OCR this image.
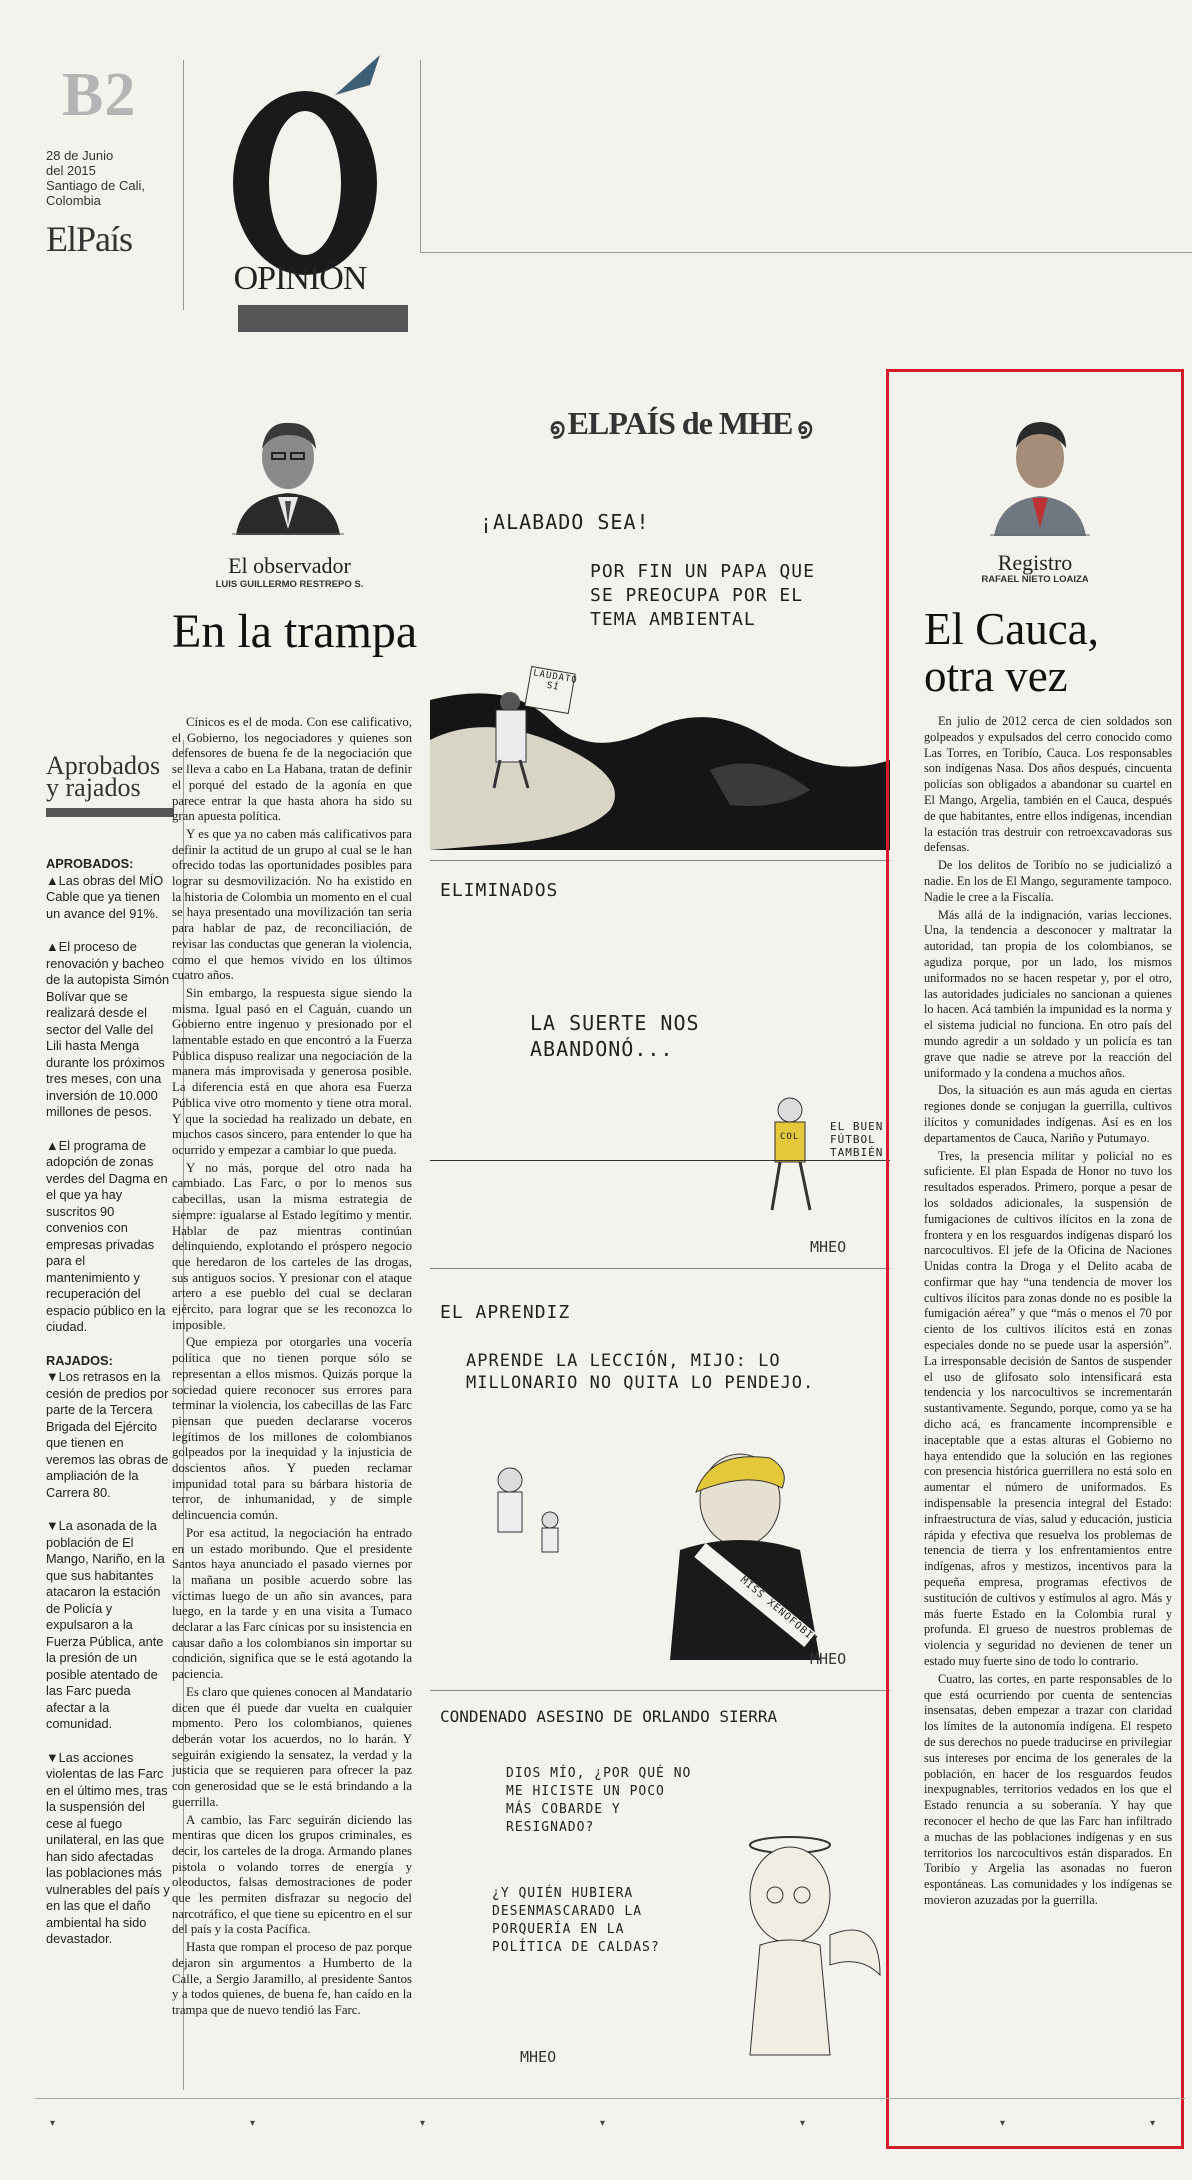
B2
28 de Junio
del 2015
Santiago de Cali,
Colombia
ElPaís
OPINIÓN
Aprobados y rajados
APROBADOS:

▲Las obras del MÍO Cable que ya tienen un avance del 91%.

▲El proceso de renovación y bacheo de la autopista Simón Bolívar que se realizará desde el sector del Valle del Lili hasta Menga durante los próximos tres meses, con una inversión de 10.000 millones de pesos.

▲El programa de adopción de zonas verdes del Dagma en el que ya hay suscritos 90 convenios con empresas privadas para el mantenimiento y recuperación del espacio público en la ciudad.

RAJADOS:

▼Los retrasos en la cesión de predios por parte de la Tercera Brigada del Ejército que tienen en veremos las obras de ampliación de la Carrera 80.

▼La asonada de la población de El Mango, Nariño, en la que sus habitantes atacaron la estación de Policía y expulsaron a la Fuerza Pública, ante la presión de un posible atentado de las Farc pueda afectar a la comunidad.

▼Las acciones violentas de las Farc en el último mes, tras la suspensión del cese al fuego unilateral, en las que han sido afectadas las poblaciones más vulnerables del país y en las que el daño ambiental ha sido devastador.

El observador
LUIS GUILLERMO RESTREPO S.
En la trampa

Cínicos es el de moda. Con ese calificativo, el Gobierno, los negociadores y quienes son defensores de buena fe de la negociación que se lleva a cabo en La Habana, tratan de definir el porqué del estado de la agonía en que parece entrar la que hasta ahora ha sido su gran apuesta política.

Y es que ya no caben más calificativos para definir la actitud de un grupo al cual se le han ofrecido todas las oportunidades posibles para lograr su desmovilización. No ha existido en la historia de Colombia un momento en el cual se haya presentado una movilización tan seria para hablar de paz, de reconciliación, de revisar las conductas que generan la violencia, como el que hemos vivido en los últimos cuatro años.

Sin embargo, la respuesta sigue siendo la misma. Igual pasó en el Caguán, cuando un Gobierno entre ingenuo y presionado por el lamentable estado en que encontró a la Fuerza Pública dispuso realizar una negociación de la manera más improvisada y generosa posible. La diferencia está en que ahora esa Fuerza Pública vive otro momento y tiene otra moral. Y que la sociedad ha realizado un debate, en muchos casos sincero, para entender lo que ha ocurrido y empezar a cambiar lo que pueda.

Y no más, porque del otro nada ha cambiado. Las Farc, o por lo menos sus cabecillas, usan la misma estrategia de siempre: igualarse al Estado legítimo y mentir. Hablar de paz mientras continúan delinquiendo, explotando el próspero negocio que heredaron de los carteles de las drogas, sus antiguos socios. Y presionar con el ataque artero a ese pueblo del cual se declaran ejército, para lograr que se les reconozca lo imposible.

Que empieza por otorgarles una vocería política que no tienen porque sólo se representan a ellos mismos. Quizás porque la sociedad quiere reconocer sus errores para terminar la violencia, los cabecillas de las Farc piensan que pueden declararse voceros legítimos de los millones de colombianos golpeados por la inequidad y la injusticia de doscientos años. Y pueden reclamar impunidad total para su bárbara historia de terror, de inhumanidad, y de simple delincuencia común.

Por esa actitud, la negociación ha entrado en un estado moribundo. Que el presidente Santos haya anunciado el pasado viernes por la mañana un posible acuerdo sobre las víctimas luego de un año sin avances, para luego, en la tarde y en una visita a Tumaco declarar a las Farc cínicas por su insistencia en causar daño a los colombianos sin importar su condición, significa que se le está agotando la paciencia.

Es claro que quienes conocen al Mandatario dicen que él puede dar vuelta en cualquier momento. Pero los colombianos, quienes deberán votar los acuerdos, no lo harán. Y seguirán exigiendo la sensatez, la verdad y la justicia que se requieren para ofrecer la paz con generosidad que se le está brindando a la guerrilla.

A cambio, las Farc seguirán diciendo las mentiras que dicen los grupos criminales, es decir, los carteles de la droga. Armando planes pistola o volando torres de energía y oleoductos, falsas demostraciones de poder que les permiten disfrazar su negocio del narcotráfico, el que tiene su epicentro en el sur del país y la costa Pacífica.

Hasta que rompan el proceso de paz porque dejaron sin argumentos a Humberto de la Calle, a Sergio Jaramillo, al presidente Santos y a todos quienes, de buena fe, han caído en la trampa que de nuevo tendió las Farc.

൭ ELPAÍS de MHE ൭
¡ALABADO SEA!
POR FIN UN PAPA QUE SE PREOCUPA POR EL TEMA AMBIENTAL
LAUDATO SÍ
ELIMINADOS
LA SUERTE NOS ABANDONÓ...
COL
EL BUEN FÚTBOL TAMBIÉN
MHEO
EL APRENDIZ
APRENDE LA LECCIÓN, MIJO: LO MILLONARIO NO QUITA LO PENDEJO.
MISS XENOFOBIA
MHEO
CONDENADO ASESINO DE ORLANDO SIERRA
DIOS MÍO, ¿POR QUÉ NO ME HICISTE UN POCO MÁS COBARDE Y RESIGNADO?
¿Y QUIÉN HUBIERA DESENMASCARADO LA PORQUERÍA EN LA POLÍTICA DE CALDAS?
MHEO
Registro
RAFAEL NIETO LOAIZA
El Cauca, otra vez

En julio de 2012 cerca de cien soldados son golpeados y expulsados del cerro conocido como Las Torres, en Toribío, Cauca. Los responsables son indígenas Nasa. Dos años después, cincuenta policías son obligados a abandonar su cuartel en El Mango, Argelia, también en el Cauca, después de que habitantes, entre ellos indígenas, incendian la estación tras destruir con retroexcavadoras sus defensas.

De los delitos de Toribío no se judicializó a nadie. En los de El Mango, seguramente tampoco. Nadie le cree a la Fiscalía.

Más allá de la indignación, varias lecciones. Una, la tendencia a desconocer y maltratar la autoridad, tan propia de los colombianos, se agudiza porque, por un lado, los mismos uniformados no se hacen respetar y, por el otro, las autoridades judiciales no sancionan a quienes lo hacen. Acá también la impunidad es la norma y el sistema judicial no funciona. En otro país del mundo agredir a un soldado y un policía es tan grave que nadie se atreve por la reacción del uniformado y la condena a muchos años.

Dos, la situación es aun más aguda en ciertas regiones donde se conjugan la guerrilla, cultivos ilícitos y comunidades indígenas. Así es en los departamentos de Cauca, Nariño y Putumayo.

Tres, la presencia militar y policial no es suficiente. El plan Espada de Honor no tuvo los resultados esperados. Primero, porque a pesar de los soldados adicionales, la suspensión de fumigaciones de cultivos ilícitos en la zona de frontera y en los resguardos indígenas disparó los narcocultivos. El jefe de la Oficina de Naciones Unidas contra la Droga y el Delito acaba de confirmar que hay “una tendencia de mover los cultivos ilícitos para zonas donde no es posible la fumigación aérea” y que “más o menos el 70 por ciento de los cultivos ilícitos está en zonas especiales donde no se puede usar la aspersión”. La irresponsable decisión de Santos de suspender el uso de glifosato solo intensificará esta tendencia y los narcocultivos se incrementarán sustantivamente. Segundo, porque, como ya se ha dicho acá, es francamente incomprensible e inaceptable que a estas alturas el Gobierno no haya entendido que la solución en las regiones con presencia histórica guerrillera no está solo en aumentar el número de uniformados. Es indispensable la presencia integral del Estado: infraestructura de vías, salud y educación, justicia rápida y efectiva que resuelva los problemas de tenencia de tierra y los enfrentamientos entre indígenas, afros y mestizos, incentivos para la pequeña empresa, programas efectivos de sustitución de cultivos y estímulos al agro. Más y más fuerte Estado en la Colombia rural y profunda. El grueso de nuestros problemas de violencia y seguridad no devienen de tener un estado muy fuerte sino de todo lo contrario.

Cuatro, las cortes, en parte responsables de lo que está ocurriendo por cuenta de sentencias insensatas, deben empezar a trazar con claridad los límites de la autonomía indígena. El respeto de sus derechos no puede traducirse en privilegiar sus intereses por encima de los generales de la población, en hacer de los resguardos feudos inexpugnables, territorios vedados en los que el Estado renuncia a su soberanía. Y hay que reconocer el hecho de que las Farc han infiltrado a muchas de las poblaciones indígenas y en sus territorios los narcocultivos están disparados. En Toribío y Argelia las asonadas no fueron espontáneas. Las comunidades y los indígenas se movieron azuzadas por la guerrilla.

▾	▾	▾	▾	▾	▾	▾
